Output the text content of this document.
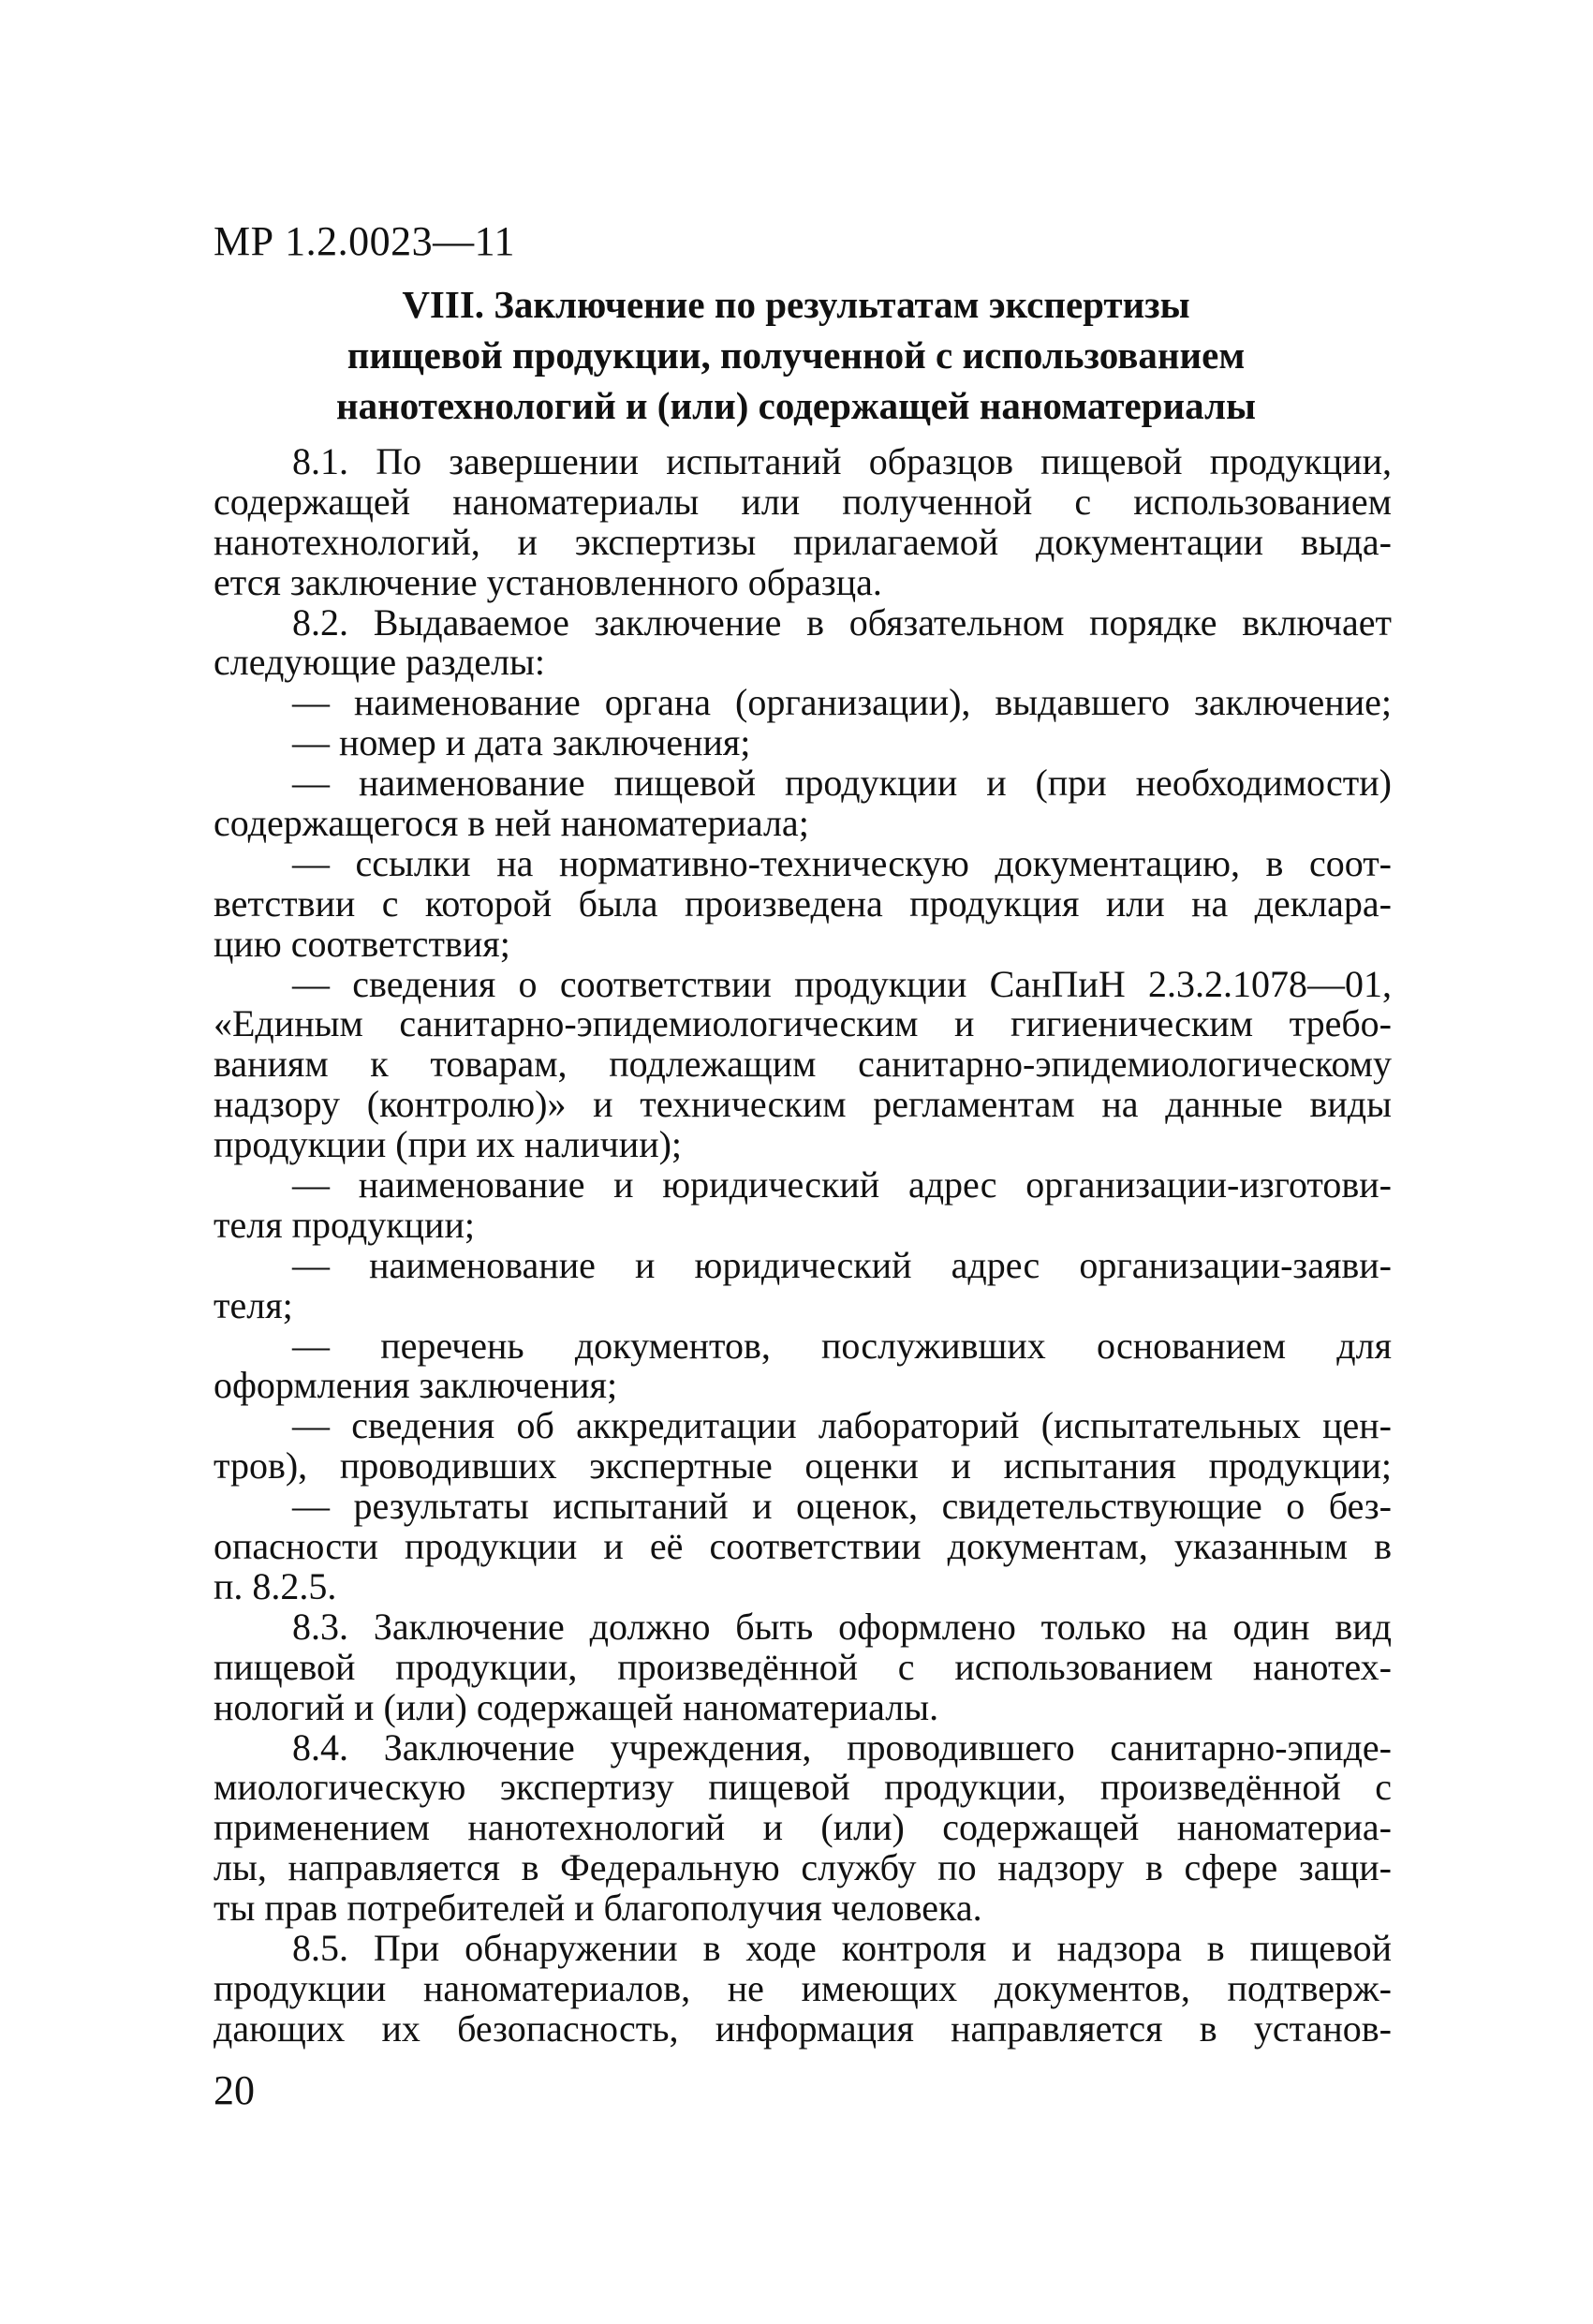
МР 1.2.0023—11
VIII. Заключение по результатам экспертизы
пищевой продукции, полученной с использованием
нанотехнологий и (или) содержащей наноматериалы
8.1. По завершении испытаний образцов пищевой продукции,
содержащей наноматериалы или полученной с использованием
нанотехнологий, и экспертизы прилагаемой документации выда-
ется заключение установленного образца.
8.2. Выдаваемое заключение в обязательном порядке включает
следующие разделы:
— наименование органа (организации), выдавшего заключение;
— номер и дата заключения;
— наименование пищевой продукции и (при необходимости)
содержащегося в ней наноматериала;
— ссылки на нормативно-техническую документацию, в соот-
ветствии с которой была произведена продукция или на деклара-
цию соответствия;
— сведения о соответствии продукции СанПиН 2.3.2.1078—01,
«Единым санитарно-эпидемиологическим и гигиеническим требо-
ваниям к товарам, подлежащим санитарно-эпидемиологическому
надзору (контролю)» и техническим регламентам на данные виды
продукции (при их наличии);
— наименование и юридический адрес организации-изготови-
теля продукции;
— наименование и юридический адрес организации-заяви-
теля;
— перечень документов, послуживших основанием для
оформления заключения;
— сведения об аккредитации лабораторий (испытательных цен-
тров), проводивших экспертные оценки и испытания продукции;
— результаты испытаний и оценок, свидетельствующие о без-
опасности продукции и её соответствии документам, указанным в
п. 8.2.5.
8.3. Заключение должно быть оформлено только на один вид
пищевой продукции, произведённой с использованием нанотех-
нологий и (или) содержащей наноматериалы.
8.4. Заключение учреждения, проводившего санитарно-эпиде-
миологическую экспертизу пищевой продукции, произведённой с
применением нанотехнологий и (или) содержащей наноматериа-
лы, направляется в Федеральную службу по надзору в сфере защи-
ты прав потребителей и благополучия человека.
8.5. При обнаружении в ходе контроля и надзора в пищевой
продукции наноматериалов, не имеющих документов, подтверж-
дающих их безопасность, информация направляется в установ-
20
